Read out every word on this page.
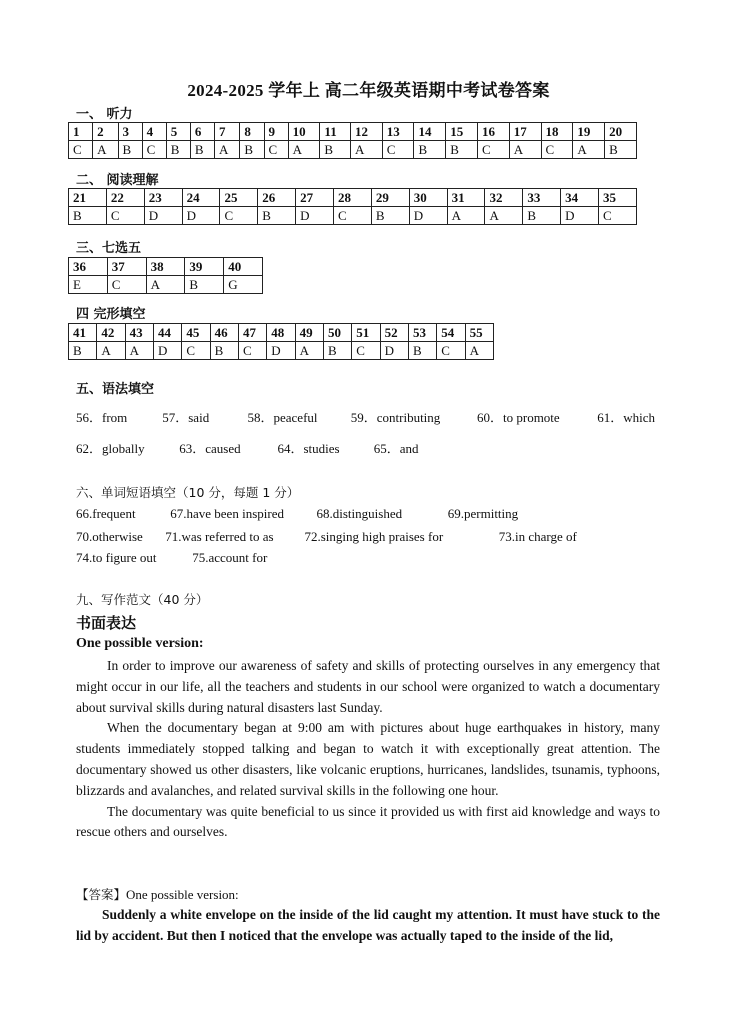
2024-2025 学年上 高二年级英语期中考试卷答案
一、 听力
1	2	3	4	5	6	7	8	9	10	11	12	13	14	15	16	17	18	19	20
C	A	B	C	B	B	A	B	C	A	B	A	C	B	B	C	A	C	A	B
二、 阅读理解
21	22	23	24	25	26	27	28	29	30	31	32	33	34	35
B	C	D	D	C	B	D	C	B	D	A	A	B	D	C
三、七选五
36	37	38	39	40
E	C	A	B	G
四 完形填空
41	42	43	44	45	46	47	48	49	50	51	52	53	54	55
B	A	A	D	C	B	C	D	A	B	C	D	B	C	A
五、语法填空
56．from	57．said	58．peaceful	59．contributing	60．to promote	61．which
62．globally	63．caused	64．studies	65．and
六、单词短语填空（10 分，每题 1 分）
66.frequent	67.have been inspired	68.distinguished	69.permitting
70.otherwise 71.was referred to as 72.singing high praises for	73.in charge of
74.to figure out	75.account for
九、写作范文（40 分）
书面表达
One possible version:

In order to improve our awareness of safety and skills of protecting ourselves in any emergency that might occur in our life, all the teachers and students in our school were organized to watch a documentary about survival skills during natural disasters last Sunday.

When the documentary began at 9:00 am with pictures about huge earthquakes in history, many students immediately stopped talking and began to watch it with exceptionally great attention. The documentary showed us other disasters, like volcanic eruptions, hurricanes, landslides, tsunamis, typhoons, blizzards and avalanches, and related survival skills in the following one hour.

The documentary was quite beneficial to us since it provided us with first aid knowledge and ways to rescue others and ourselves.

【答案】One possible version:

Suddenly a white envelope on the inside of the lid caught my attention. It must have stuck to the lid by accident. But then I noticed that the envelope was actually taped to the inside of the lid,
